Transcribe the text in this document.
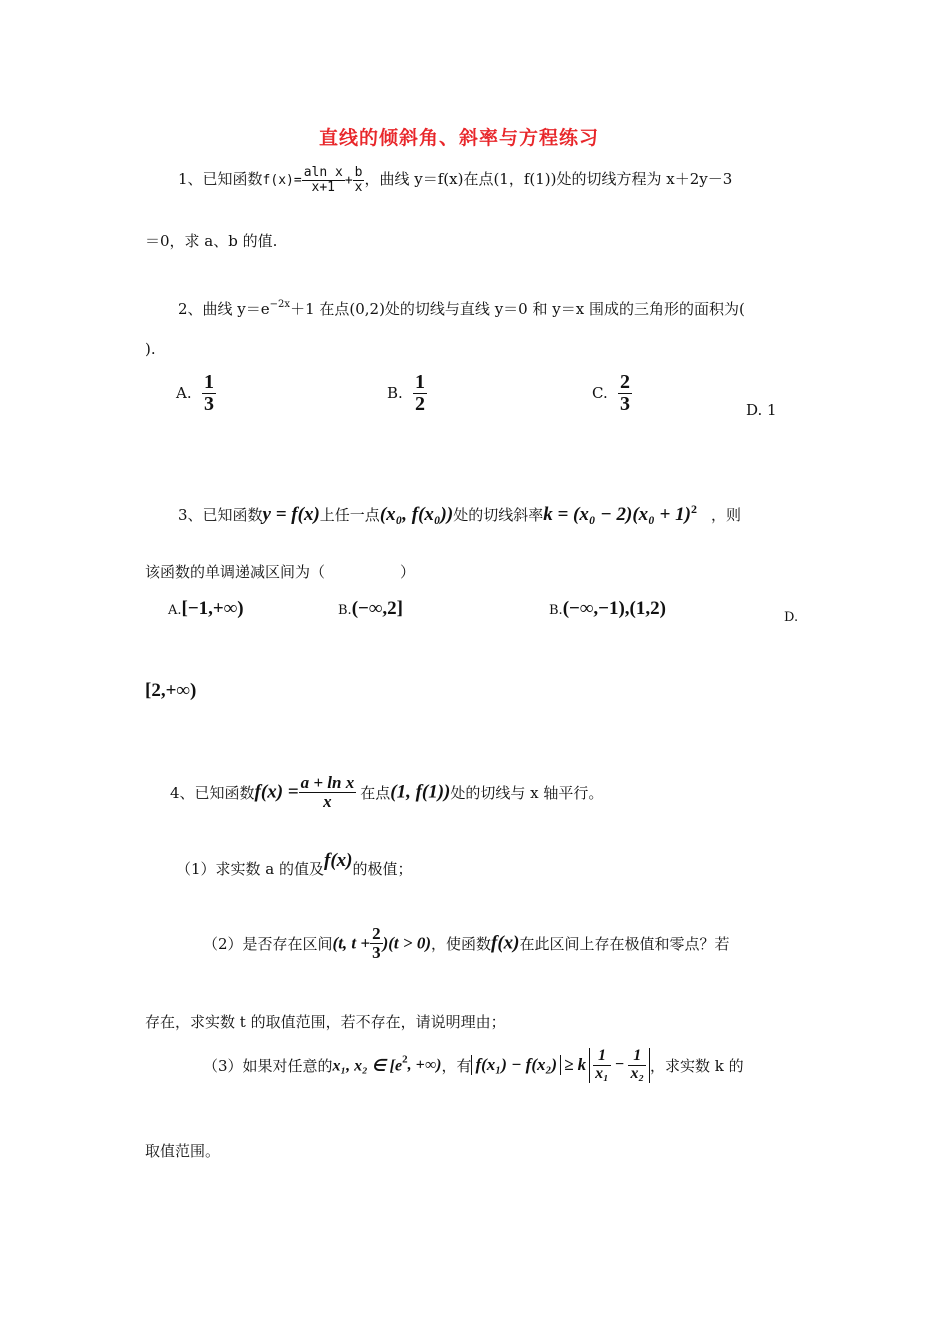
直线的倾斜角、斜率与方程练习
1、已知函数$f(x)= \frac{\text{aln x}}{x+1} + \frac{b}{x}$ ，曲线 y＝f(x)在点(1，f(1))处的切线方程为 x＋2y－3
＝0，求 a、b 的值.
2、曲线 $y=e^{-2x}+1$ 在点(0,2)处的切线与直线 y＝0 和 y＝x 围成的三角形的面积为(
).
A. $\frac{1}{3}$	B. $\frac{1}{2}$	C. $\frac{2}{3}$	D. 1
3、已知函数y = f(x)上任一点(x₀, f(x₀))处的切线斜率$k = (x_0 - 2)(x_0 + 1)^2$ ，则
该函数的单调递减区间为（　　　　　）
A.[−1,+∞)	B.(−∞,2]	B.(−∞,−1),(1,2)	D.
[2,+∞)
4、已知函数$f(x) = \frac{\text{a + ln x}}{x}$ 在点(1, f(1))处的切线与 x 轴平行。
（1）求实数 a 的值及f(x)的极值；
（2）是否存在区间(t, $t + \frac{2}{3} )(t > 0)$，使函数f(x)在此区间上存在极值和零点？若
存在，求实数 t 的取值范围，若不存在，请说明理由；
（3）如果对任意的x₁, x₂ ∈ [$e^2$, +∞)，有 f(x₁) − f(x₂) ≥ k $\frac{1}{\text{x₁}} - \frac{1}{\text{x₂}}$ ，求实数 k 的
取值范围。
